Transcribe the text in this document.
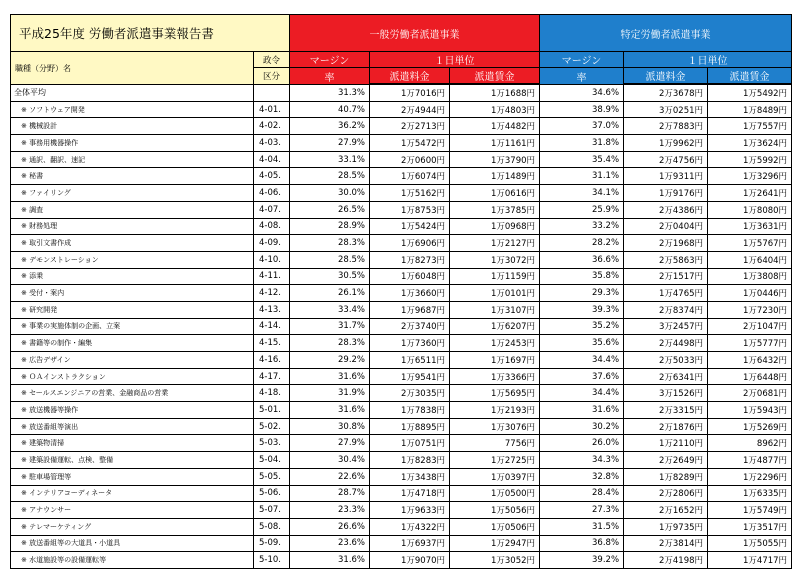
平成25年度 労働者派遣事業報告書		一般労働者派遣事業			特定労働者派遣事業		
職種（分野）名	政令	マージン	１日単位		マージン	１日単位	
	区分	率	派遣料金	派遣賃金	率	派遣料金	派遣賃金

全体平均		31.3%	1万7016円	1万1688円	34.6%	2万3678円	1万5492円
※ ソフトウェア開発	4-01.	40.7%	2万4944円	1万4803円	38.9%	3万0251円	1万8489円
※ 機械設計	4-02.	36.2%	2万2713円	1万4482円	37.0%	2万7883円	1万7557円
※ 事務用機器操作	4-03.	27.9%	1万5472円	1万1161円	31.8%	1万9962円	1万3624円
※ 通訳、翻訳、速記	4-04.	33.1%	2万0600円	1万3790円	35.4%	2万4756円	1万5992円
※ 秘書	4-05.	28.5%	1万6074円	1万1489円	31.1%	1万9311円	1万3296円
※ ファイリング	4-06.	30.0%	1万5162円	1万0616円	34.1%	1万9176円	1万2641円
※ 調査	4-07.	26.5%	1万8753円	1万3785円	25.9%	2万4386円	1万8080円
※ 財務処理	4-08.	28.9%	1万5424円	1万0968円	33.2%	2万0404円	1万3631円
※ 取引文書作成	4-09.	28.3%	1万6906円	1万2127円	28.2%	2万1968円	1万5767円
※ デモンストレーション	4-10.	28.5%	1万8273円	1万3072円	36.6%	2万5863円	1万6404円
※ 添乗	4-11.	30.5%	1万6048円	1万1159円	35.8%	2万1517円	1万3808円
※ 受付・案内	4-12.	26.1%	1万3660円	1万0101円	29.3%	1万4765円	1万0446円
※ 研究開発	4-13.	33.4%	1万9687円	1万3107円	39.3%	2万8374円	1万7230円
※ 事業の実施体制の企画、立案	4-14.	31.7%	2万3740円	1万6207円	35.2%	3万2457円	2万1047円
※ 書籍等の制作・編集	4-15.	28.3%	1万7360円	1万2453円	35.6%	2万4498円	1万5777円
※ 広告デザイン	4-16.	29.2%	1万6511円	1万1697円	34.4%	2万5033円	1万6432円
※ ＯＡインストラクション	4-17.	31.6%	1万9541円	1万3366円	37.6%	2万6341円	1万6448円
※ セールスエンジニアの営業、金融商品の営業	4-18.	31.9%	2万3035円	1万5695円	34.4%	3万1526円	2万0681円
※ 放送機器等操作	5-01.	31.6%	1万7838円	1万2193円	31.6%	2万3315円	1万5943円
※ 放送番組等演出	5-02.	30.8%	1万8895円	1万3076円	30.2%	2万1876円	1万5269円
※ 建築物清掃	5-03.	27.9%	1万0751円	7756円	26.0%	1万2110円	8962円
※ 建築設備運転、点検、整備	5-04.	30.4%	1万8283円	1万2725円	34.3%	2万2649円	1万4877円
※ 駐車場管理等	5-05.	22.6%	1万3438円	1万0397円	32.8%	1万8289円	1万2296円
※ インテリアコーディネータ	5-06.	28.7%	1万4718円	1万0500円	28.4%	2万2806円	1万6335円
※ アナウンサー	5-07.	23.3%	1万9633円	1万5056円	27.3%	2万1652円	1万5749円
※ テレマーケティング	5-08.	26.6%	1万4322円	1万0506円	31.5%	1万9735円	1万3517円
※ 放送番組等の大道具・小道具	5-09.	23.6%	1万6937円	1万2947円	36.8%	2万3814円	1万5055円
※ 水道施設等の設備運転等	5-10.	31.6%	1万9070円	1万3052円	39.2%	2万4198円	1万4717円
